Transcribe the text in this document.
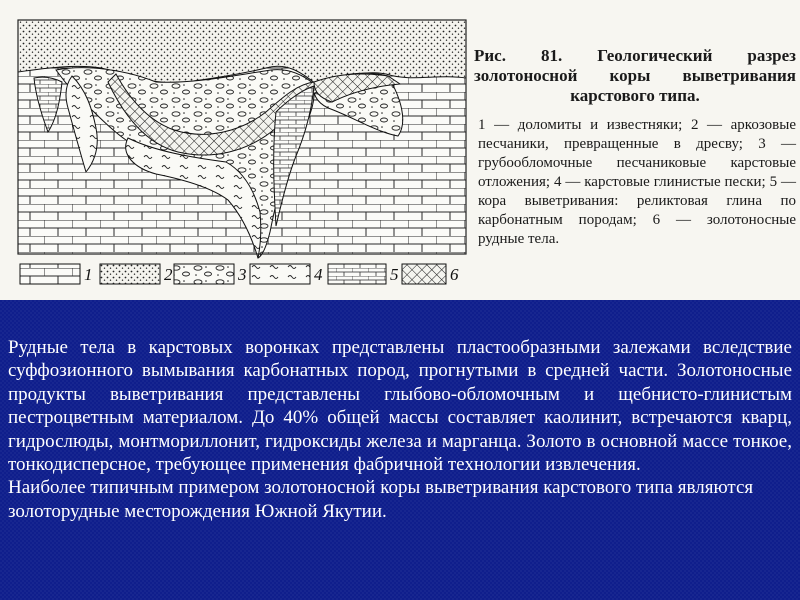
1	2	3	4	5	6
Рис. 81. Геологический разрез золотоносной коры выветривания карстового типа.
1 — доломиты и известняки; 2 — аркозовые песчаники, превращенные в дресву; 3 — грубообломочные песчаниковые карстовые отложения; 4 — карстовые глинистые пески; 5 — кора выветривания: реликтовая глина по карбонатным породам; 6 — золотоносные рудные тела.

Рудные тела в карстовых воронках представлены пластообразными залежами вследствие суффозионного вымывания карбонатных пород, прогнутыми в средней части. Золотоносные продукты выветривания представлены глыбово-обломочным и щебнисто-глинистым пестроцветным материалом. До 40% общей массы составляет каолинит, встречаются кварц, гидрослюды, монтмориллонит, гидроксиды железа и марганца. Золото в основной массе тонкое, тонкодисперсное, требующее применения фабричной технологии извлечения.

Наиболее типичным примером золотоносной коры выветривания карстового типа являются золоторудные месторождения Южной Якутии.
